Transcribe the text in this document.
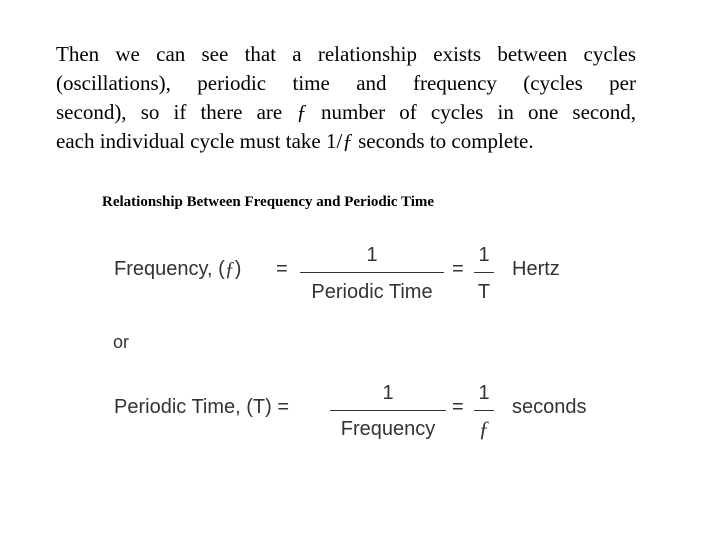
Then we can see that a relationship exists between cycles
(oscillations), periodic time and frequency (cycles per
second), so if there are ƒ number of cycles in one second,
each individual cycle must take 1/ƒ seconds to complete.

Relationship Between Frequency and Periodic Time
Frequency, (ƒ) =
1
Periodic Time
=
1
T
Hertz
or
Periodic Time, (T) =
1
Frequency
=
1
ƒ
seconds
